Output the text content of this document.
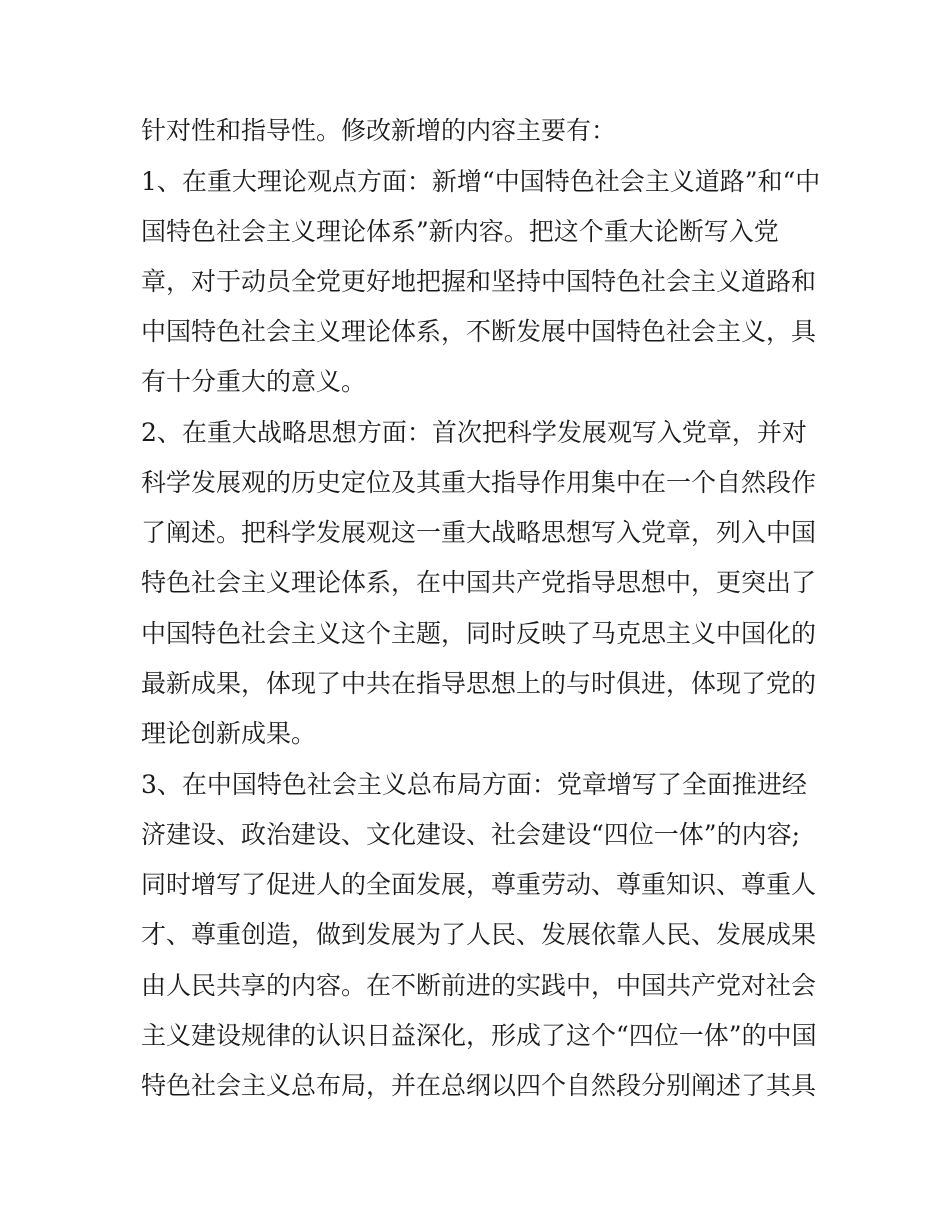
针对性和指导性。修改新增的内容主要有：
1、在重大理论观点方面：新增“中国特色社会主义道路”和“中
国特色社会主义理论体系”新内容。把这个重大论断写入党
章，对于动员全党更好地把握和坚持中国特色社会主义道路和
中国特色社会主义理论体系，不断发展中国特色社会主义，具
有十分重大的意义。
2、在重大战略思想方面：首次把科学发展观写入党章，并对
科学发展观的历史定位及其重大指导作用集中在一个自然段作
了阐述。把科学发展观这一重大战略思想写入党章，列入中国
特色社会主义理论体系，在中国共产党指导思想中，更突出了
中国特色社会主义这个主题，同时反映了马克思主义中国化的
最新成果，体现了中共在指导思想上的与时俱进，体现了党的
理论创新成果。
3、在中国特色社会主义总布局方面：党章增写了全面推进经
济建设、政治建设、文化建设、社会建设“四位一体”的内容;
同时增写了促进人的全面发展，尊重劳动、尊重知识、尊重人
才、尊重创造，做到发展为了人民、发展依靠人民、发展成果
由人民共享的内容。在不断前进的实践中，中国共产党对社会
主义建设规律的认识日益深化，形成了这个“四位一体”的中国
特色社会主义总布局，并在总纲以四个自然段分别阐述了其具
